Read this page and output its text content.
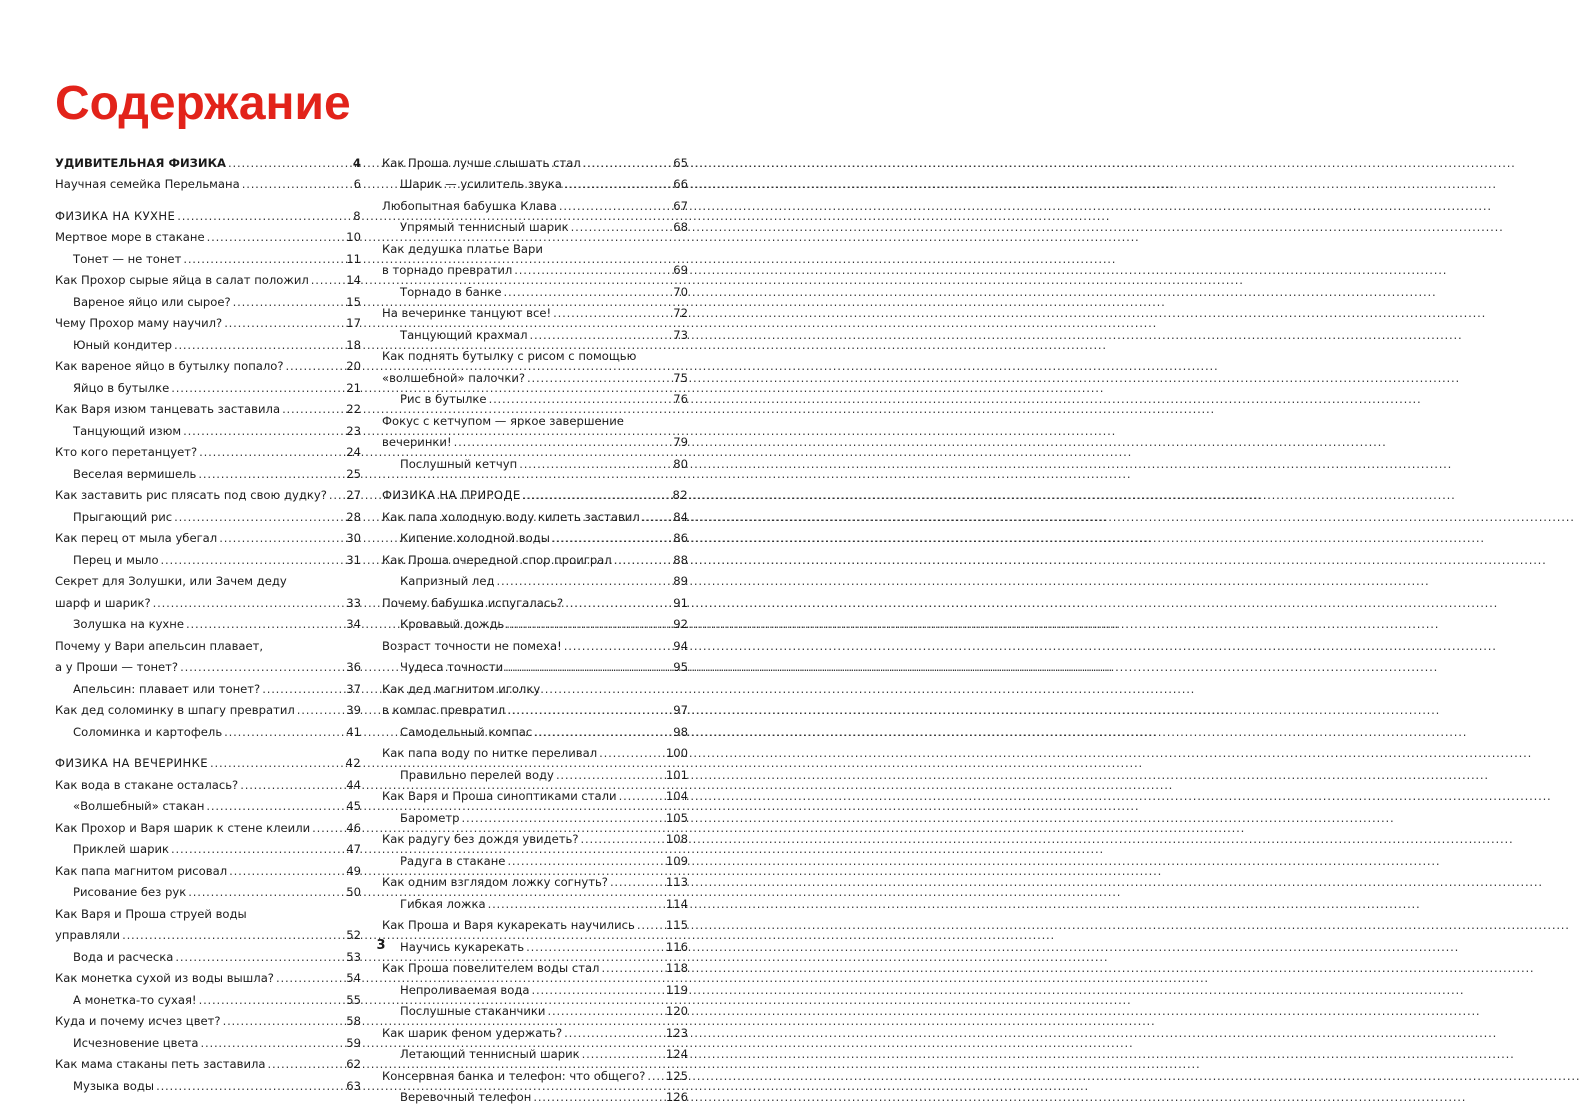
Содержание
УДИВИТЕЛЬНАЯ ФИЗИКА .....	4
Научная семейка Перельмана .....	6
ФИЗИКА НА КУХНЕ .....	8
Мертвое море в стакане .....	10
Тонет — не тонет .....	11
Как Прохор сырые яйца в салат положил .....	14
Вареное яйцо или сырое? .....	15
Чему Прохор маму научил? .....	17
Юный кондитер .....	18
Как вареное яйцо в бутылку попало? .....	20
Яйцо в бутылке .....	21
Как Варя изюм танцевать заставила .....	22
Танцующий изюм .....	23
Кто кого перетанцует? .....	24
Веселая вермишель .....	25
Как заставить рис плясать под свою дудку? ..... 27
Прыгающий рис .....	28
Как перец от мыла убегал .....	30
Перец и мыло .....	31
Секрет для Золушки, или Зачем деду
шарф и шарик? .....	33
Золушка на кухне .....	34
Почему у Вари апельсин плавает,
а у Проши — тонет? .....	36
Апельсин: плавает или тонет? .....	37
Как дед соломинку в шпагу превратил .....	39
Соломинка и картофель .....	41
ФИЗИКА НА ВЕЧЕРИНКЕ .....	42
Как вода в стакане осталась? .....	44
«Волшебный» стакан .....	45
Как Прохор и Варя шарик к стене клеили .....	46
Приклей шарик .....	47
Как папа магнитом рисовал .....	49
Рисование без рук .....	50
Как Варя и Проша струей воды
управляли .....	52
Вода и расческа .....	53
Как монетка сухой из воды вышла? .....	54
А монетка-то сухая! .....	55
Куда и почему исчез цвет? .....	58
Исчезновение цвета .....	59
Как мама стаканы петь заставила .....	62
Музыка воды .....	63
Как Проша лучше слышать стал .....	65
Шарик — усилитель звука .....	66
Любопытная бабушка Клава .....	67
Упрямый теннисный шарик .....	68
Как дедушка платье Вари
в торнадо превратил .....	69
Торнадо в банке .....	70
На вечеринке танцуют все! .....	72
Танцующий крахмал .....	73
Как поднять бутылку с рисом с помощью
«волшебной» палочки? .....	75
Рис в бутылке .....	76
Фокус с кетчупом — яркое завершение
вечеринки! .....	79
Послушный кетчуп .....	80
ФИЗИКА НА ПРИРОДЕ .....	82
Как папа холодную воду кипеть заставил .....	84
Кипение холодной воды .....	86
Как Проша очередной спор проиграл .....	88
Капризный лед .....	89
Почему бабушка испугалась? .....	91
Кровавый дождь .....	92
Возраст точности не помеха! .....	94
Чудеса точности .....	95
Как дед магнитом иголку
в компас превратил .....	97
Самодельный компас .....	98
Как папа воду по нитке переливал .....	100
Правильно перелей воду .....	101
Как Варя и Проша синоптиками стали .....	104
Барометр .....	105
Как радугу без дождя увидеть? .....	108
Радуга в стакане .....	109
Как одним взглядом ложку согнуть? .....	113
Гибкая ложка .....	114
Как Проша и Варя кукарекать научились .....	115
Научись кукарекать .....	116
Как Проша повелителем воды стал .....	118
Непроливаемая вода .....	119
Послушные стаканчики .....	120
Как шарик феном удержать? .....	123
Летающий теннисный шарик .....	124
Консервная банка и телефон: что общего? ..... 125
Веревочный телефон .....	126
3
